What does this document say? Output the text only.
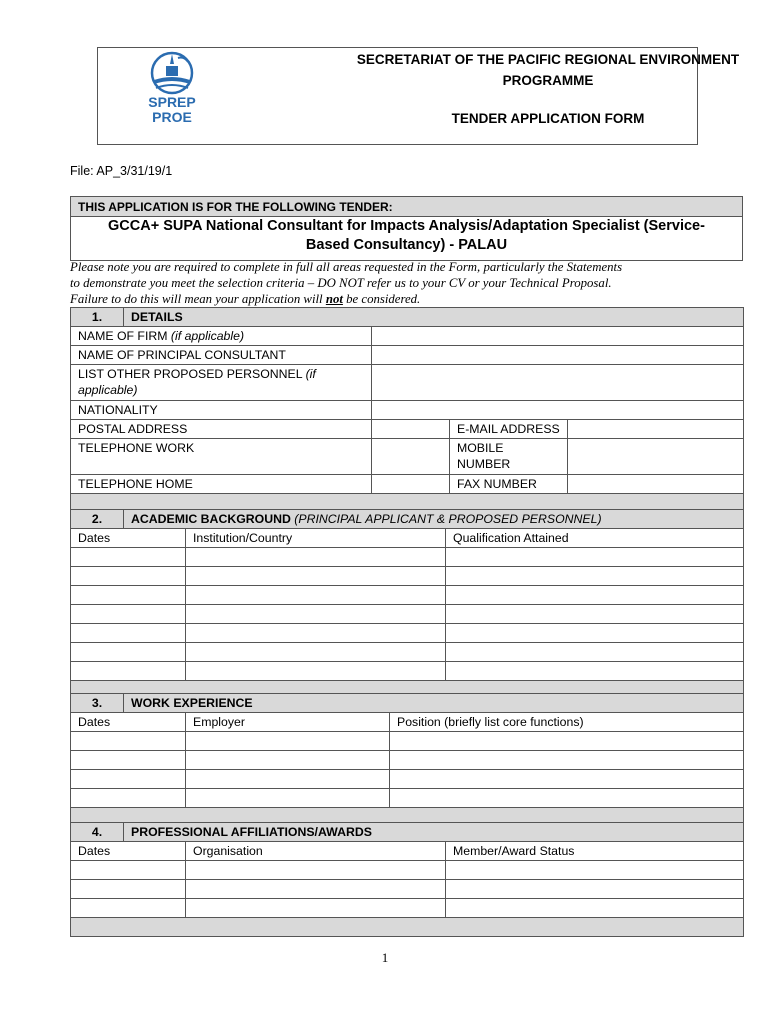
SECRETARIAT OF THE PACIFIC REGIONAL ENVIRONMENT
PROGRAMME
TENDER APPLICATION FORM
SPREP
PROE
File: AP_3/31/19/1
THIS APPLICATION IS FOR THE FOLLOWING TENDER:
GCCA+ SUPA National Consultant for Impacts Analysis/Adaptation Specialist (Service-
Based Consultancy) - PALAU
Please note you are required to complete in full all areas requested in the Form, particularly the Statements
to demonstrate you meet the selection criteria – DO NOT refer us to your CV or your Technical Proposal.
Failure to do this will mean your application will not be considered.
1.	DETAILS			
NAME OF FIRM (if applicable)				
NAME OF PRINCIPAL CONSULTANT				
LIST OTHER PROPOSED PERSONNEL (if applicable)				
NATIONALITY				
POSTAL ADDRESS			E-MAIL ADDRESS	
TELEPHONE WORK			MOBILE NUMBER	
TELEPHONE HOME			FAX NUMBER	

2.	ACADEMIC BACKGROUND (PRINCIPAL APPLICANT & PROPOSED PERSONNEL)		
Dates		Institution/Country	Qualification Attained

3.	WORK EXPERIENCE		
Dates		Employer	Position (briefly list core functions)

4.	PROFESSIONAL AFFILIATIONS/AWARDS		
Dates		Organisation	Member/Award Status

1
